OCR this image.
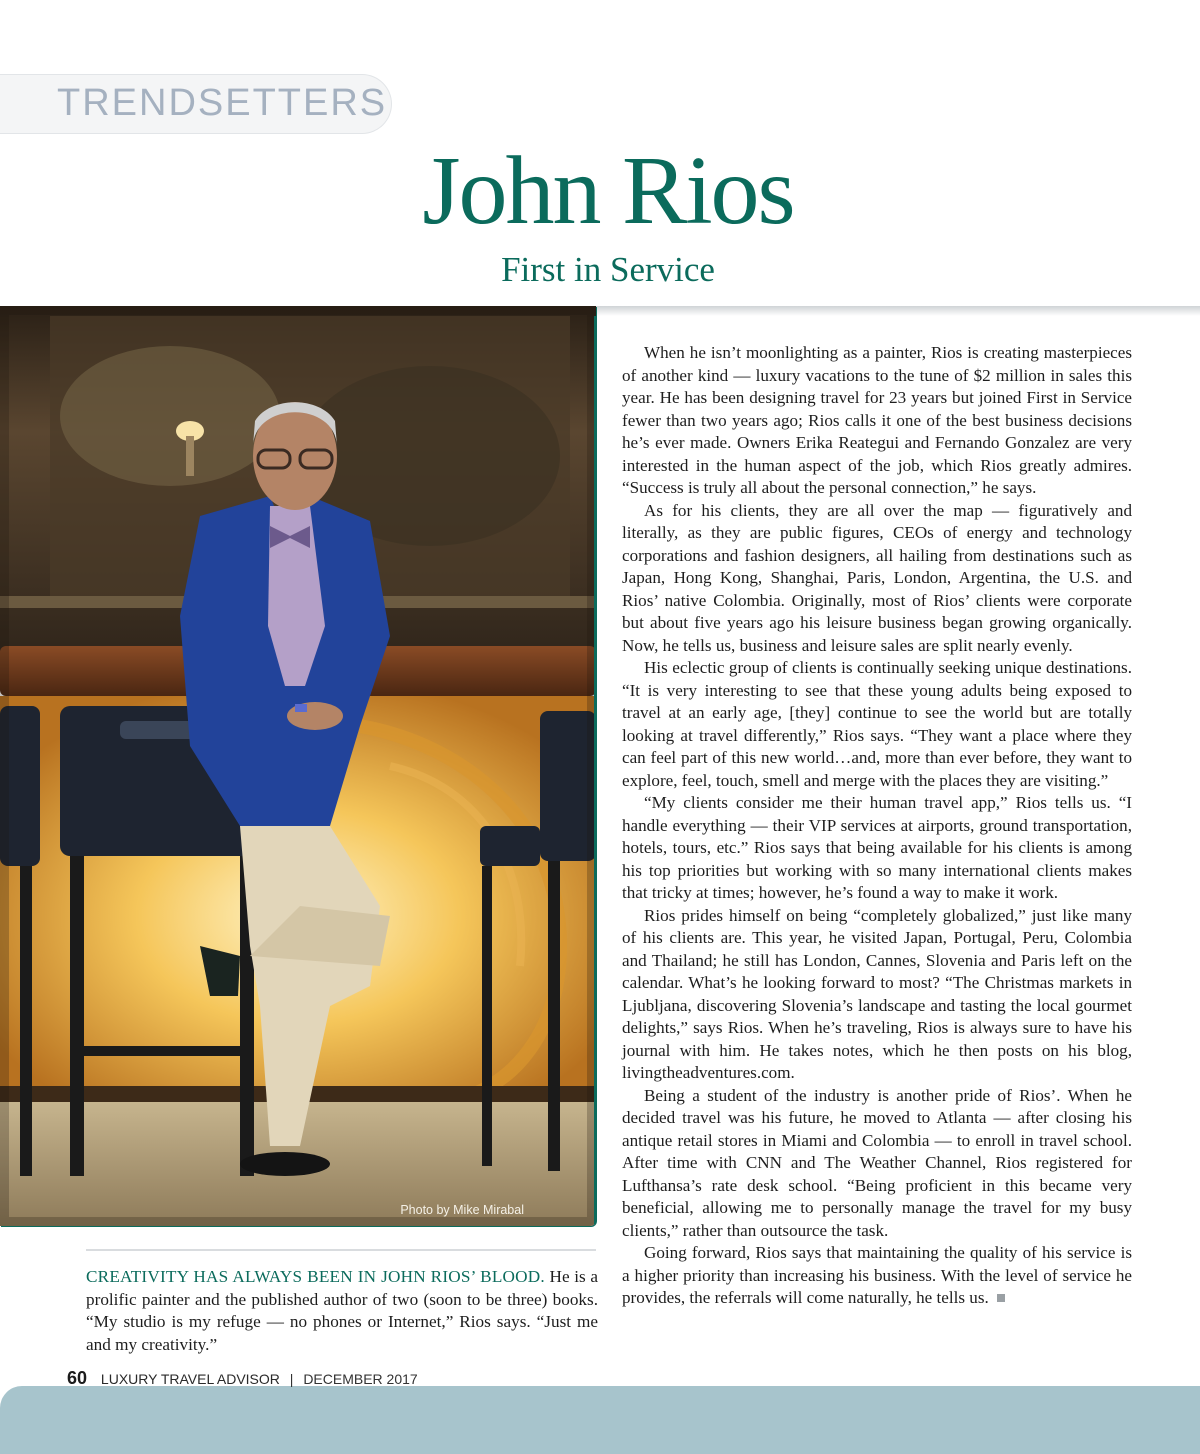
TRENDSETTERS
John Rios
First in Service
Photo by Mike Mirabal

CREATIVITY HAS ALWAYS BEEN IN JOHN RIOS’ BLOOD. He is a prolific painter and the published author of two (soon to be three) books. “My studio is my refuge — no phones or Internet,” Rios says. “Just me and my creativity.”

When he isn’t moonlighting as a painter, Rios is creating masterpieces of another kind — luxury vacations to the tune of $2 million in sales this year. He has been designing travel for 23 years but joined First in Service fewer than two years ago; Rios calls it one of the best business decisions he’s ever made. Owners Erika Reategui and Fernando Gonzalez are very interested in the human aspect of the job, which Rios greatly admires. “Success is truly all about the personal connection,” he says.

As for his clients, they are all over the map — figuratively and literally, as they are public figures, CEOs of energy and technology corporations and fashion designers, all hailing from destinations such as Japan, Hong Kong, Shanghai, Paris, London, Argentina, the U.S. and Rios’ native Colombia. Originally, most of Rios’ clients were corporate but about five years ago his leisure business began growing organically. Now, he tells us, business and leisure sales are split nearly evenly.

His eclectic group of clients is continually seeking unique destinations. “It is very interesting to see that these young adults being exposed to travel at an early age, [they] continue to see the world but are totally looking at travel differently,” Rios says. “They want a place where they can feel part of this new world…and, more than ever before, they want to explore, feel, touch, smell and merge with the places they are visiting.”

“My clients consider me their human travel app,” Rios tells us. “I handle everything — their VIP services at airports, ground transportation, hotels, tours, etc.” Rios says that being available for his clients is among his top priorities but working with so many international clients makes that tricky at times; however, he’s found a way to make it work.

Rios prides himself on being “completely globalized,” just like many of his clients are. This year, he visited Japan, Portugal, Peru, Colombia and Thailand; he still has London, Cannes, Slovenia and Paris left on the calendar. What’s he looking forward to most? “The Christmas markets in Ljubljana, discovering Slovenia’s landscape and tasting the local gourmet delights,” says Rios. When he’s traveling, Rios is always sure to have his journal with him. He takes notes, which he then posts on his blog, livingtheadventures.com.

Being a student of the industry is another pride of Rios’. When he decided travel was his future, he moved to Atlanta — after closing his antique retail stores in Miami and Colombia — to enroll in travel school. After time with CNN and The Weather Channel, Rios registered for Lufthansa’s rate desk school. “Being proficient in this became very beneficial, allowing me to personally manage the travel for my busy clients,” rather than outsource the task.

Going forward, Rios says that maintaining the quality of his service is a higher priority than increasing his business. With the level of service he provides, the referrals will come naturally, he tells us.

60 LUXURY TRAVEL ADVISOR | DECEMBER 2017
